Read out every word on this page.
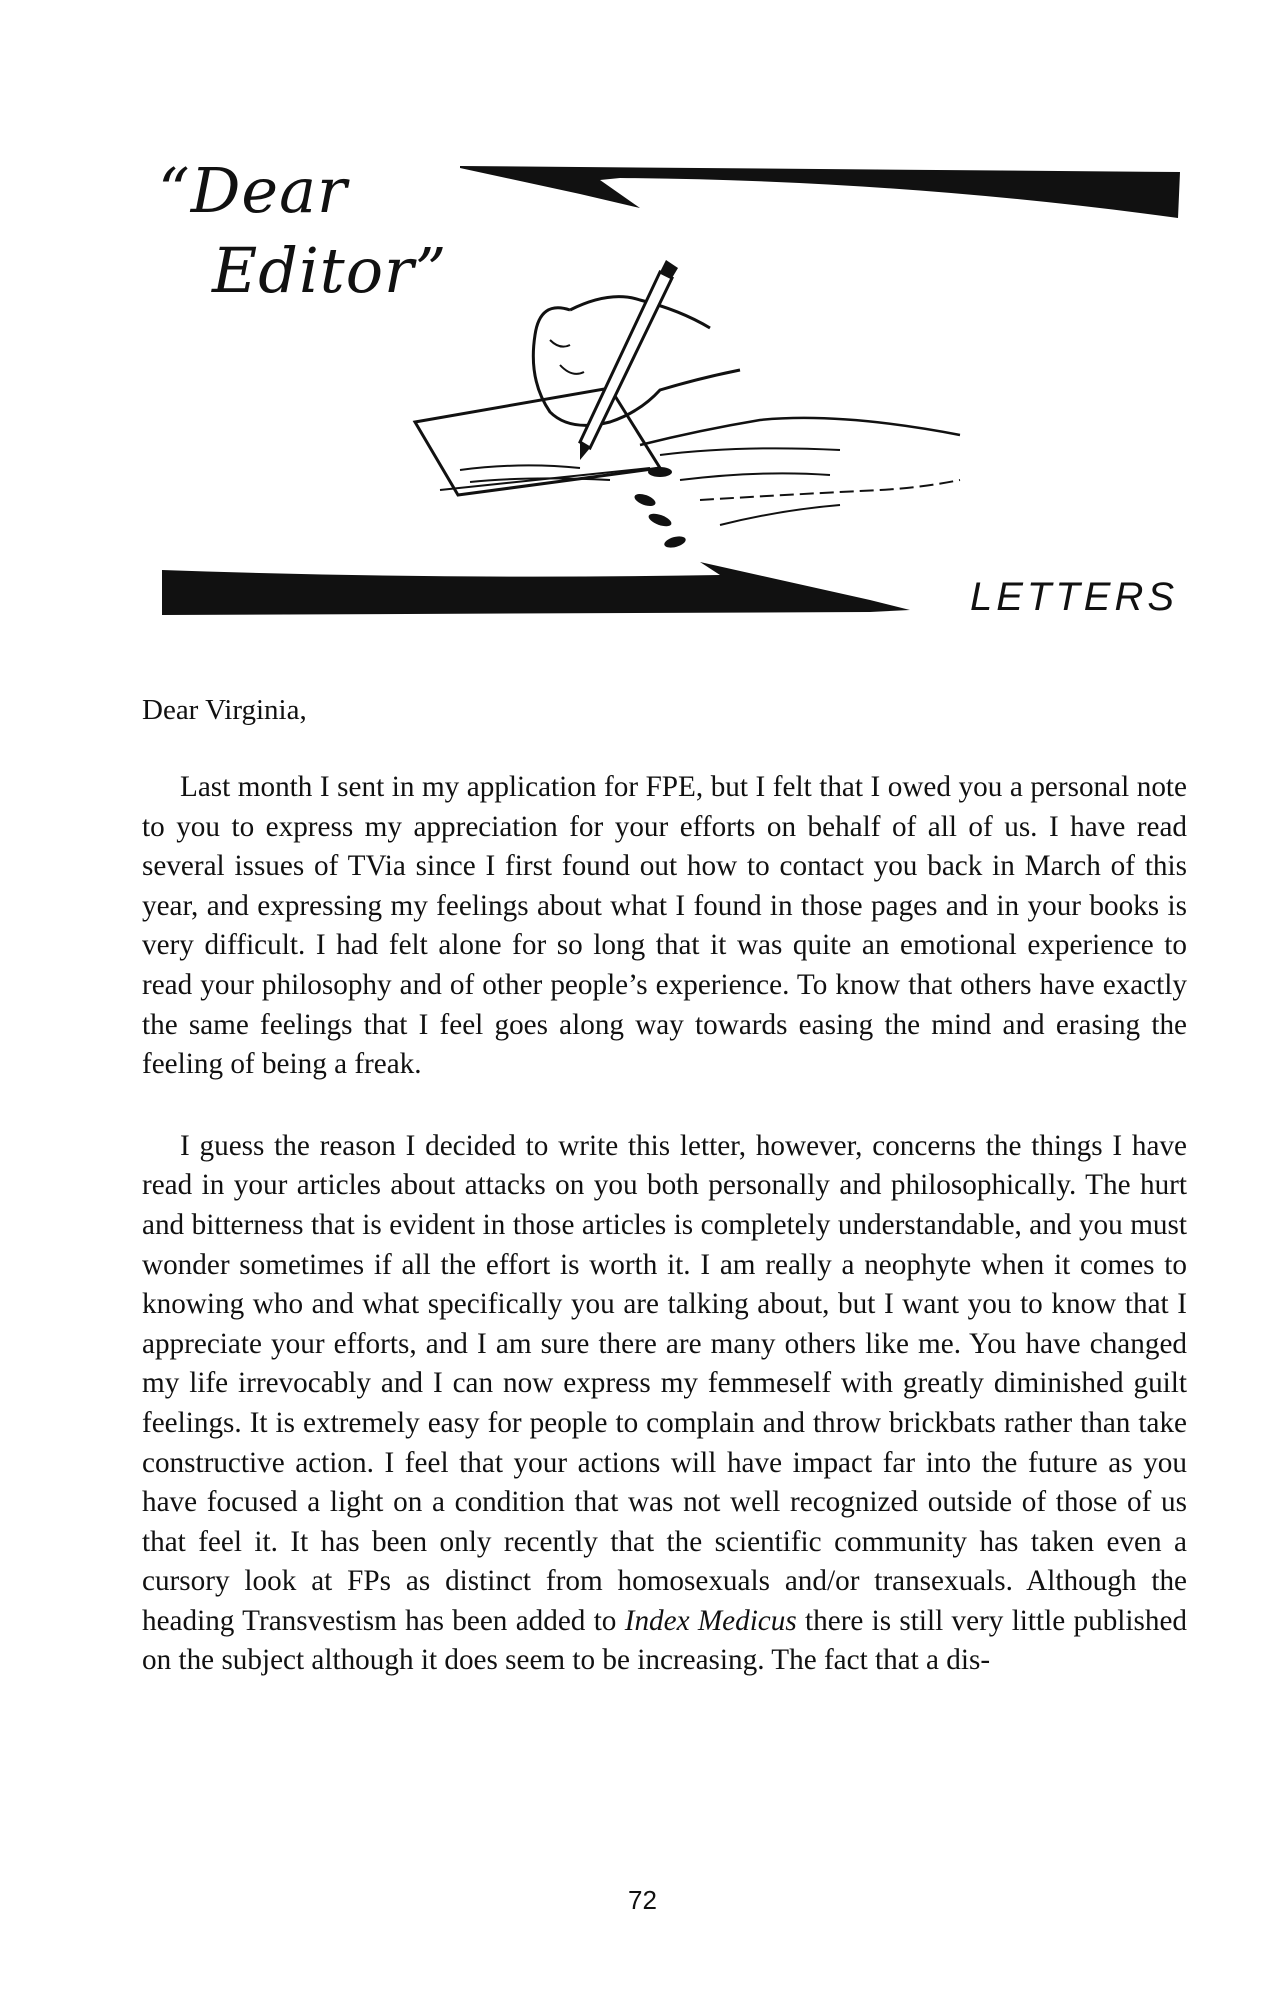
“Dear
Editor”
LETTERS

Dear Virginia,

Last month I sent in my application for FPE, but I felt that I owed you a personal note to you to express my appreciation for your efforts on behalf of all of us. I have read several issues of TVia since I first found out how to contact you back in March of this year, and expressing my feelings about what I found in those pages and in your books is very difficult. I had felt alone for so long that it was quite an emotional experience to read your philosophy and of other people’s experience. To know that others have exactly the same feelings that I feel goes along way towards easing the mind and erasing the feeling of being a freak.

I guess the reason I decided to write this letter, however, concerns the things I have read in your articles about attacks on you both personally and philosophically. The hurt and bitterness that is evident in those articles is completely understandable, and you must wonder sometimes if all the effort is worth it. I am really a neophyte when it comes to knowing who and what specifically you are talking about, but I want you to know that I appreciate your efforts, and I am sure there are many others like me. You have changed my life irrevocably and I can now express my femmeself with greatly diminished guilt feelings. It is extremely easy for people to complain and throw brickbats rather than take constructive action. I feel that your actions will have impact far into the future as you have focused a light on a condition that was not well recognized outside of those of us that feel it. It has been only recently that the scientific community has taken even a cursory look at FPs as distinct from homosexuals and/or transexuals. Although the heading Transvestism has been added to Index Medicus there is still very little published on the subject although it does seem to be increasing. The fact that a dis-

72
